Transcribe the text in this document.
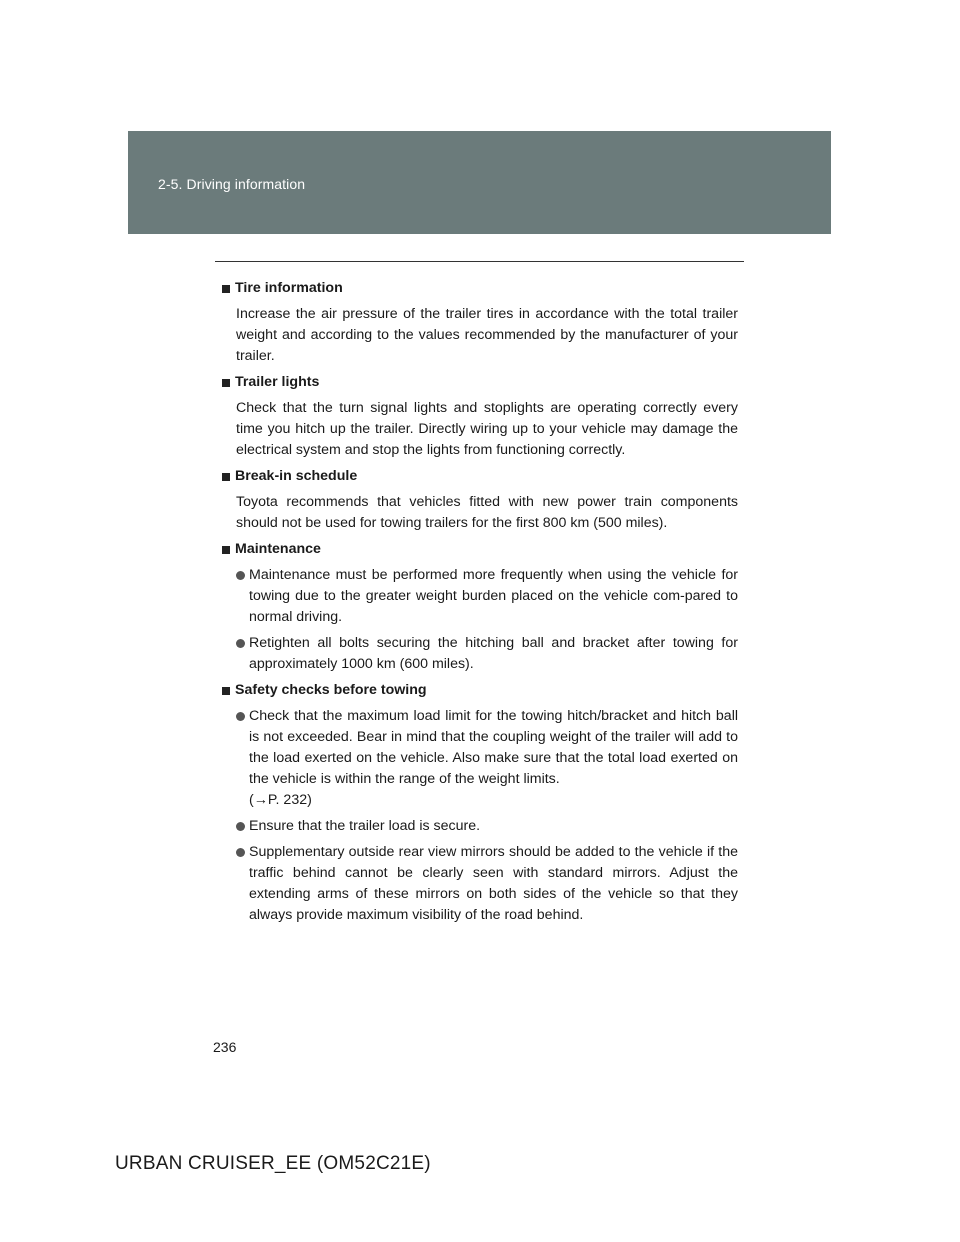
2-5. Driving information
Tire information
Increase the air pressure of the trailer tires in accordance with the total trailer weight and according to the values recommended by the manufacturer of your trailer.
Trailer lights
Check that the turn signal lights and stoplights are operating correctly every time you hitch up the trailer. Directly wiring up to your vehicle may damage the electrical system and stop the lights from functioning correctly.
Break-in schedule
Toyota recommends that vehicles fitted with new power train components should not be used for towing trailers for the first 800 km (500 miles).
Maintenance
Maintenance must be performed more frequently when using the vehicle for towing due to the greater weight burden placed on the vehicle com-pared to normal driving.
Retighten all bolts securing the hitching ball and bracket after towing for approximately 1000 km (600 miles).
Safety checks before towing
Check that the maximum load limit for the towing hitch/bracket and hitch ball is not exceeded. Bear in mind that the coupling weight of the trailer will add to the load exerted on the vehicle. Also make sure that the total load exerted on the vehicle is within the range of the weight limits.
(→P. 232)
Ensure that the trailer load is secure.
Supplementary outside rear view mirrors should be added to the vehicle if the traffic behind cannot be clearly seen with standard mirrors. Adjust the extending arms of these mirrors on both sides of the vehicle so that they always provide maximum visibility of the road behind.
236
URBAN CRUISER_EE (OM52C21E)
